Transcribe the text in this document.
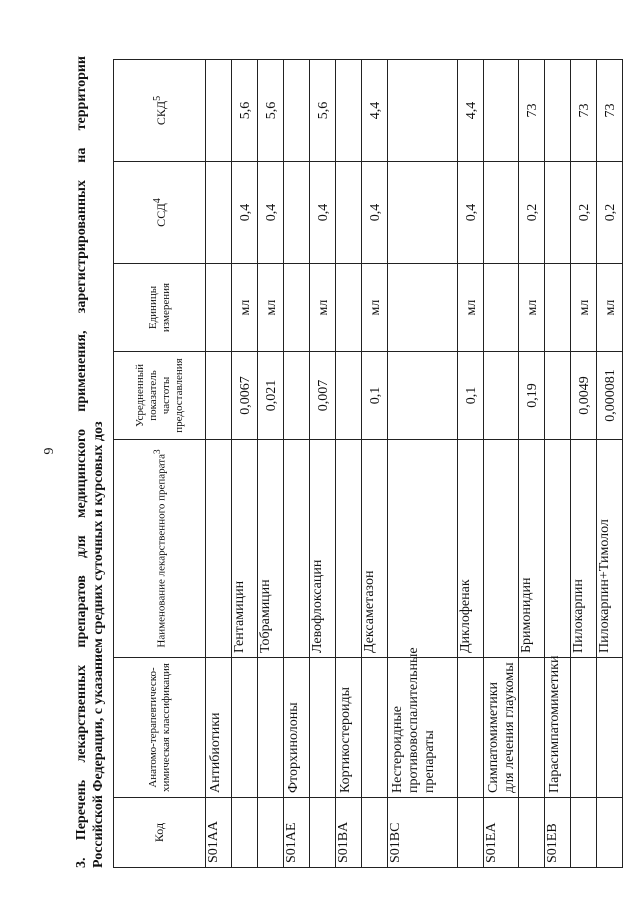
6 3. Перечень лекарственных препаратов для медицинского применения, зарегистрированных на территории Российской Федерации, с указанием средних суточных и курсовых доз	Код	Анатомо-терапевтическо-химическая классификация	Наименование лекарственного препарата$^3$	Усредненный показатель частоты предоставления	Единицы измерения	ССД$^4$	СКД$^5$
S01AA	Антибиотики					
		Гентамицин	0,0067	мл	0,4	5,6
		Тобрамицин	0,021	мл	0,4	5,6
S01AE	Фторхинолоны					
		Левофлоксацин	0,007	мл	0,4	5,6
S01BA	Кортикостероиды					
		Дексаметазон	0,1	мл	0,4	4,4
S01BC	Нестероидные противовоспалительные препараты					
		Диклофенак	0,1	мл	0,4	4,4
S01EA	Симпатомиметики для лечения глаукомы					
		Бримонидин	0,19	мл	0,2	73
S01EB	Парасимпатомиметики					
		Пилокарпин	0,0049	мл	0,2	73
		Пилокарпин+Тимолол	0,000081	мл	0,2	73
